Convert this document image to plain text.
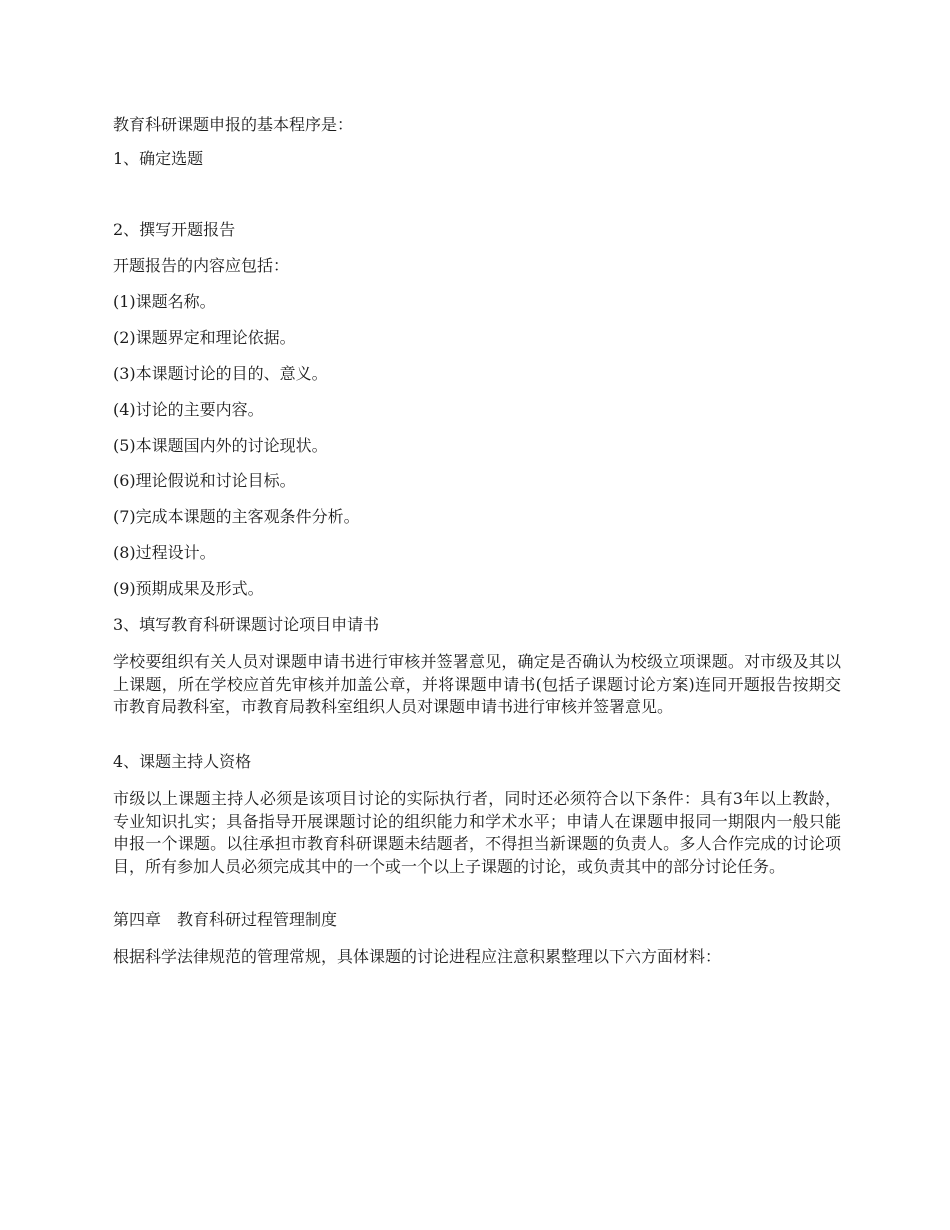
教育科研课题申报的基本程序是：
1、确定选题
2、撰写开题报告
开题报告的内容应包括：
(1)课题名称。
(2)课题界定和理论依据。
(3)本课题讨论的目的、意义。
(4)讨论的主要内容。
(5)本课题国内外的讨论现状。
(6)理论假说和讨论目标。
(7)完成本课题的主客观条件分析。
(8)过程设计。
(9)预期成果及形式。
3、填写教育科研课题讨论项目申请书
学校要组织有关人员对课题申请书进行审核并签署意见，确定是否确认为校级立项课题。对市级及其以上课题，所在学校应首先审核并加盖公章，并将课题申请书(包括子课题讨论方案)连同开题报告按期交市教育局教科室，市教育局教科室组织人员对课题申请书进行审核并签署意见。
4、课题主持人资格
市级以上课题主持人必须是该项目讨论的实际执行者，同时还必须符合以下条件：具有3年以上教龄，专业知识扎实；具备指导开展课题讨论的组织能力和学术水平；申请人在课题申报同一期限内一般只能申报一个课题。以往承担市教育科研课题未结题者，不得担当新课题的负责人。多人合作完成的讨论项目，所有参加人员必须完成其中的一个或一个以上子课题的讨论，或负责其中的部分讨论任务。
第四章　教育科研过程管理制度
根据科学法律规范的管理常规，具体课题的讨论进程应注意积累整理以下六方面材料：
